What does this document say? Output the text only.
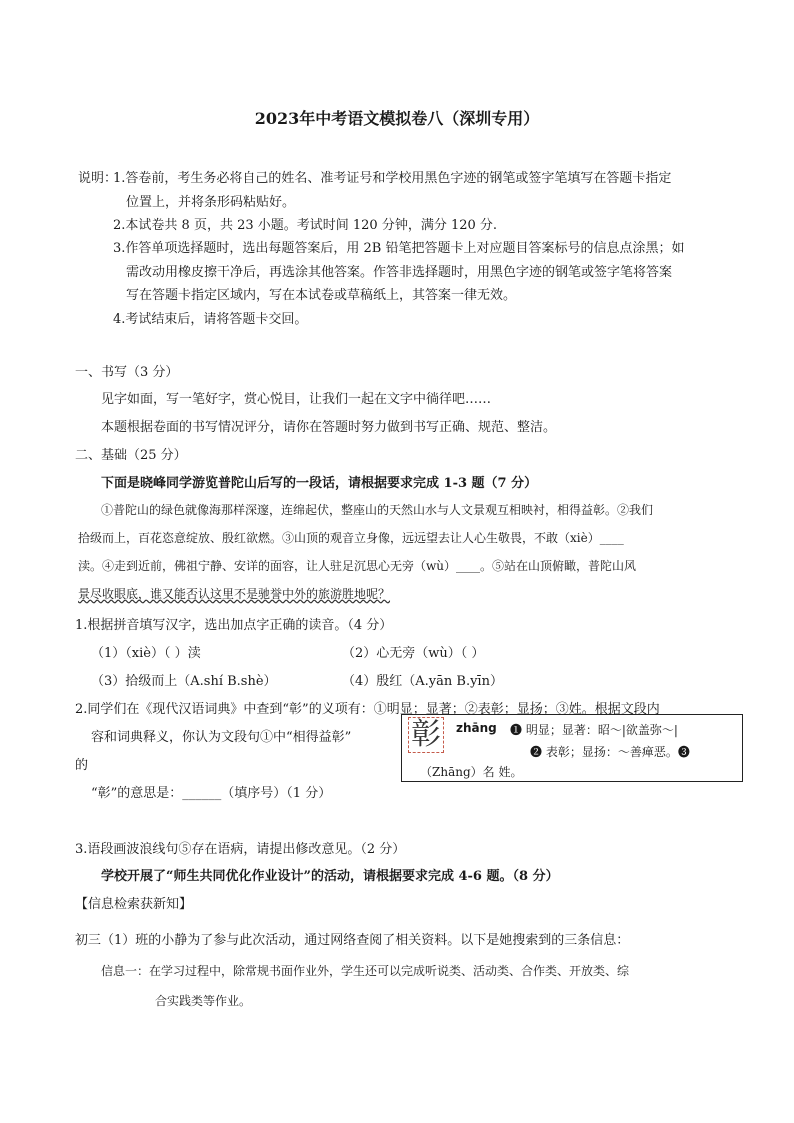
2023年中考语文模拟卷八（深圳专用）
说明：
1.答卷前，考生务必将自己的姓名、准考证号和学校用黑色字迹的钢笔或签字笔填写在答题卡指定
位置上，并将条形码粘贴好。
2.本试卷共 8 页，共 23 小题。考试时间 120 分钟，满分 120 分.
3.作答单项选择题时，选出每题答案后，用 2B 铅笔把答题卡上对应题目答案标号的信息点涂黑；如
需改动用橡皮擦干净后，再选涂其他答案。作答非选择题时，用黑色字迹的钢笔或签字笔将答案
写在答题卡指定区域内，写在本试卷或草稿纸上，其答案一律无效。
4.考试结束后，请将答题卡交回。
一、书写（3 分）
见字如面，写一笔好字，赏心悦目，让我们一起在文字中徜徉吧……
本题根据卷面的书写情况评分，请你在答题时努力做到书写正确、规范、整洁。
二、基础（25 分）
下面是晓峰同学游览普陀山后写的一段话，请根据要求完成 1-3 题（7 分）
①普陀山的绿色就像海那样深邃，连绵起伏，整座山的天然山水与人文景观互相映衬，相得益彰。②我们
拾级而上，百花恣意绽放、殷红欲燃。③山顶的观音立身像，远远望去让人心生敬畏，不敢（xiè）____
渎。④走到近前，佛祖宁静、安详的面容，让人驻足沉思心无旁（wù）____。⑤站在山顶俯瞰，普陀山风
景尽收眼底，谁又能否认这里不是驰誉中外的旅游胜地呢？
1.根据拼音填写汉字，选出加点字正确的读音。（4 分）
（1）（xiè）（ ）渎	（2）心无旁（wù）（ ）
（3）拾级而上（A.shí B.shè）	（4）殷红（A.yān B.yīn）
2.同学们在《现代汉语词典》中查到“彰”的义项有：①明显；显著；②表彰；显扬；③姓。根据文段内
容和词典释义，你认为文段句①中“相得益彰”
的
“彰”的意思是：______（填序号）（1 分）
彰 zhāng ❶ 明显；显著：昭～|欲盖弥～|
❷ 表彰；显扬：～善瘅恶。❸
（Zhāng）名 姓。
3.语段画波浪线句⑤存在语病，请提出修改意见。（2 分）
学校开展了“师生共同优化作业设计”的活动，请根据要求完成 4-6 题。（8 分）
【信息检索获新知】
初三（1）班的小静为了参与此次活动，通过网络查阅了相关资料。以下是她搜索到的三条信息：
信息一：在学习过程中，除常规书面作业外，学生还可以完成听说类、活动类、合作类、开放类、综
合实践类等作业。
